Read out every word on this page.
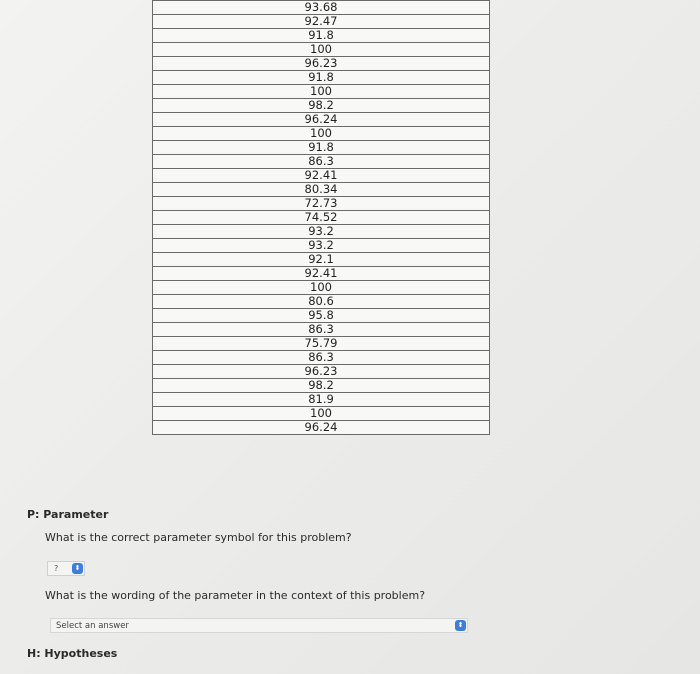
93.68
92.47
91.8
100
96.23
91.8
100
98.2
96.24
100
91.8
86.3
92.41
80.34
72.73
74.52
93.2
93.2
92.1
92.41
100
80.6
95.8
86.3
75.79
86.3
96.23
98.2
81.9
100
96.24
P: Parameter
What is the correct parameter symbol for this problem?
?	⬍
What is the wording of the parameter in the context of this problem?
Select an answer	⬍
H: Hypotheses
